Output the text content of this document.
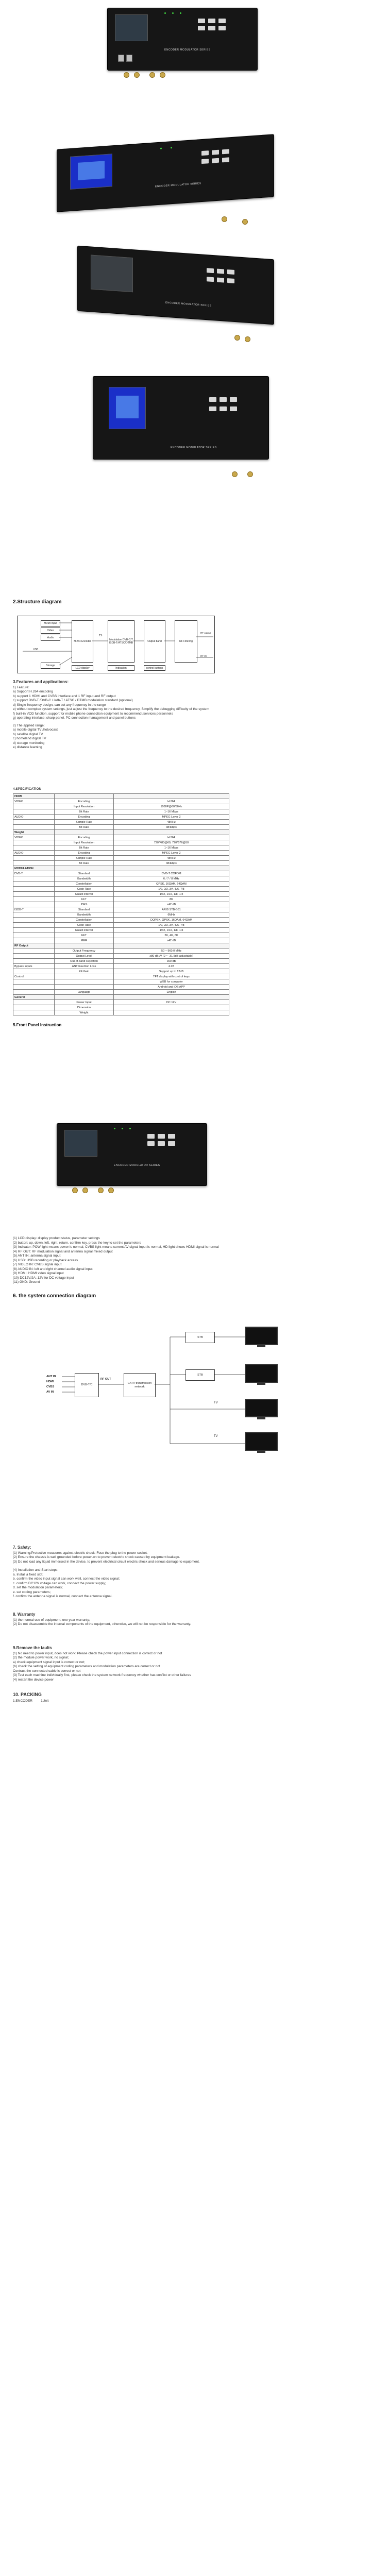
ENCODER MODULATOR SERIES
ENCODER MODULATOR SERIES
ENCODER MODULATOR SERIES
ENCODER MODULATOR SERIES
2.Structure diagram
HDMI Input
Video
Audio
USB
Storage
H.264 Encoder
TS
Modulation DVB-C/T ISDB-T/ATSC/DTMB	Output band	RF Filtering
LCD display	Indication	control buttons
RF output
RF IN

3.Features and applications:

1) Feature:

a) Support H.264 encoding

b) support 1 HDMI and CVBS interface and 1 RF input and RF output

c) support DVB-T /DVB-C / isdb-T / ATSC / DTMB modulation standard (optional)

d) Single frequency design, can set any frequency in the range

e) without complex system settings, just adjust the frequency to the desired frequency, Simplify the debugging difficulty of the system

f) built-in VOD function, support for mobile phone connection equipment to recommend /services personnels

g) operating interface: sharp panel, PC connection management and panel buttons

2) The applied range:

a) mobile digital TV /hotvocast

b) satellite digital TV

c) homeland digital TV

d) storage monitoring

e) distance learning

4.SPECIFICATION
HDMI		
VIDEO	Encoding	H.264
	Input Resolution	1080P@60/50Hz
	Bit Rate	1~16 Mbps
AUDIO	Encoding	MPEG Layer 2
	Sample Rate	48KHz
	Bit Rate	384kbps
Weight		
VIDEO	Encoding	H.264
	Input Resolution	720*480@60, 720*576@50
	Bit Rate	1~16 Mbps
AUDIO	Encoding	MPEG Layer 2
	Sample Rate	48KHz
	Bit Rate	384kbps
MODULATION		
DVB-T	Standard	DVB-T COFDM
	Bandwidth	6 / 7 / 8 MHz
	Constellation	QPSK, 16QAM, 64QAM
	Code Rate	1/2, 2/3, 3/4, 5/6, 7/8
	Guard interval	1/32, 1/16, 1/8, 1/4
	FFT	8K
	IDES	≤42 dB
ISDB-T	Standard	ARIB STB-B31
	Bandwidth	6MHz
	Constellation	DQPSK, QPSK, 16QAM, 64QAM
	Code Rate	1/2, 2/3, 3/4, 5/6, 7/8
	Guard interval	1/32, 1/16, 1/8, 1/4
	FFT	2K, 4K, 8K
	MER	≥42 dB
RF Output		
	Output Frequency	50 ~ 960.0 MHz
	Output Level	≥80 dBμV (0 ~ -31.5dB adjustable)
	Out-of-band Rejection	≥60 dB
Bypass Inputs	ANT Insertion Loss	4 dB
	RF Gain	Support up to 12dB
Control		TFT display with control keys
		WEB for computer
		Android and iOS APP
	Language	English
General		
	Power Input	DC 12V
	Dimension	
	Weight	
5.Front Panel Instruction
ENCODER MODULATOR SERIES

(1) LCD display: display product status, parameter settings

(2) button: up, down, left, right, return, confirm key, press the key to set the parameters

(3) Indicator: POW light means power is normal, CVBS light means current AV signal input is normal, HD light shows HDMI signal is normal

(4) RF OUT: RF modulation signal and antenna signal mixed output

(5) ANT IN: antenna signal input

(6) USB: USB recording or playback access

(7) VIDEO IN: CVBS signal input

(8) AUDIO IN: left and right channel audio signal input

(9) HDMI: HDMI video signal input

(10) DC12V/2A: 12V for DC voltage input

(11) GND: Ground

6. the system connection diagram
ANT IN
HDMI
CVBS
AV IN
DVB-T/C
RF OUT
CATV transmission network
STB
STB
TV
TV

7. Safety:

(1) Warning:Protective measures against electric shock: Fuse the plug to the power socket.

(2) Ensure the chassis is well grounded before power-on to prevent electric shock caused by equipment leakage.

(3) Do not load any liquid immersed in the device, to prevent electrical circuit electric shock and serious damage to equipment.

(4) Installation and Start steps:

a. Install a fixed slot;

b. confirm the video input signal can work well, connect the video signal;

c. confirm DC12V voltage can work, connect the power supply;

d. set the modulation parameters;

e. set coding parameters;

f. confirm the antenna signal is normal, connect the antenna signal.

8. Warranty

(1) the normal use of equipment, one year warranty;

(2) Do not disassemble the internal components of the equipment, otherwise, we will not be responsible for the warranty.

9.Remove the faults

(1) No need to power input, does not work: Please check the power input connection is correct or not

(2) the module power work, no signal;

a) check equipment signal input is correct or not;

(b) check the setting of equipment coding parameters and modulation parameters are correct or not

Contract the connected cable is correct or not

(3) Test each machine individually first, please check the system network frequency whether has conflict or other failures

(4) restart the device power

10. PACKING

1.ENCODER         1Unit
